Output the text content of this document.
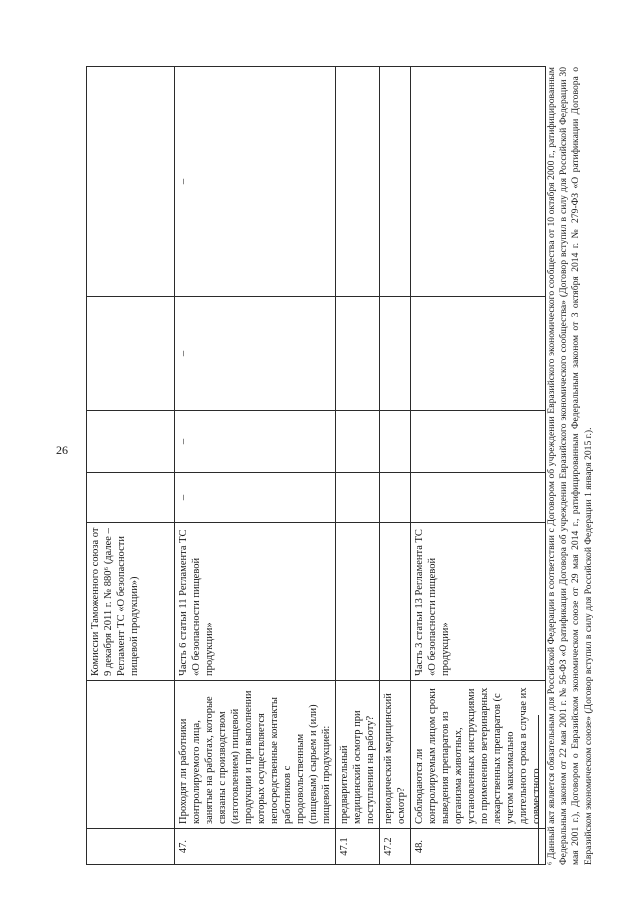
26
		Комиссии Таможенного союза от 9 декабря 2011 г. № 880⁶ (далее – Регламент ТС «О безопасности пищевой продукции»)				
47.	Проходят ли работники контролируемого лица, занятые на работах, которые связаны с производством (изготовлением) пищевой продукции и при выполнении которых осуществляется непосредственные контакты работников с продовольственным (пищевым) сырьем и (или) пищевой продукцией:	Часть 6 статьи 11 Регламента ТС «О безопасности пищевой продукции»	–	–	–	–
47.1	предварительный медицинский осмотр при поступлении на работу?					
47.2	периодический медицинский осмотр?					
48.	Соблюдаются ли контролируемым лицом сроки выведения препаратов из организма животных, установленных инструкциями по применению ветеринарных лекарственных препаратов (с учетом максимально длительного срока в случае их совместного	Часть 3 статьи 13 Регламента ТС «О безопасности пищевой продукции»					⁶ Данный акт является обязательным для Российской Федерации в соответствии с Договором об учреждении Евразийского экономического сообщества от 10 октября 2000 г., ратифицированным Федеральным законом от 22 мая 2001 г. № 56-ФЗ «О ратификации Договора об учреждении Евразийского экономического сообщества» (Договор вступил в силу для Российской Федерации 30 мая 2001 г.), Договором о Евразийском экономическом союзе от 29 мая 2014 г., ратифицированным Федеральным законом от 3 октября 2014 г. № 279-ФЗ «О ратификации Договора о Евразийском экономическом союзе» (Договор вступил в силу для Российской Федерации 1 января 2015 г.).
